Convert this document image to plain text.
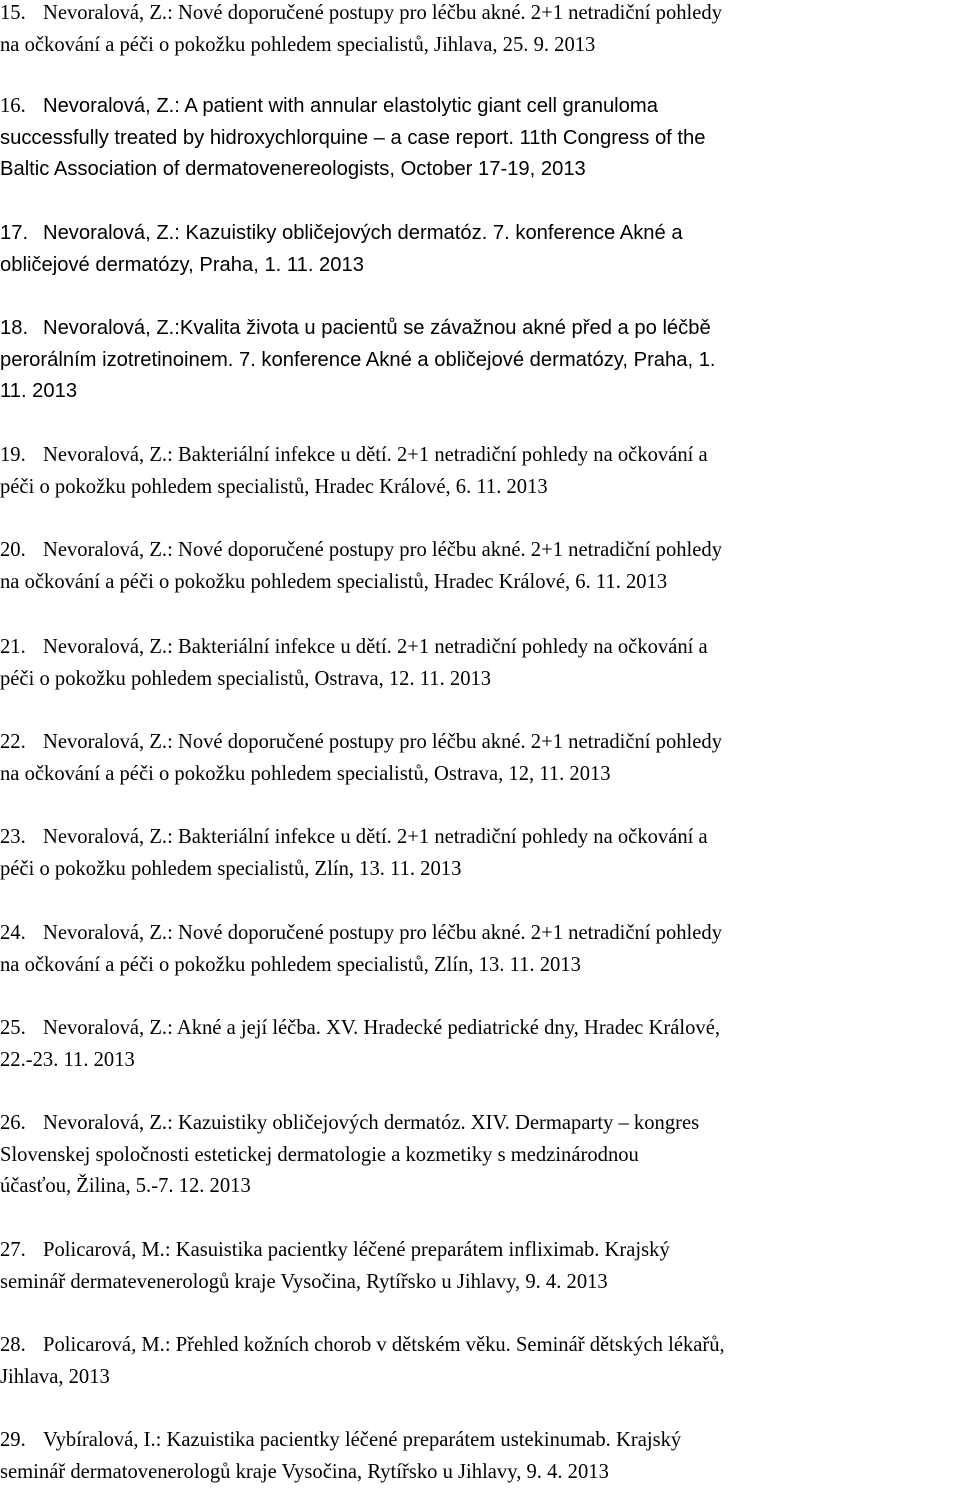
15. Nevoralová, Z.: Nové doporučené postupy pro léčbu akné. 2+1 netradiční pohledy
na očkování a péči o pokožku pohledem specialistů, Jihlava, 25. 9. 2013
16. Nevoralová, Z.: A patient with annular elastolytic giant cell granuloma
successfully treated by hidroxychlorquine – a case report. 11th Congress of the
Baltic Association of dermatovenereologists, October 17-19, 2013
17. Nevoralová, Z.: Kazuistiky obličejových dermatóz. 7. konference Akné a
obličejové dermatózy, Praha, 1. 11. 2013
18. Nevoralová, Z.:Kvalita života u pacientů se závažnou akné před a po léčbě
perorálním izotretinoinem. 7. konference Akné a obličejové dermatózy, Praha, 1.
11. 2013
19. Nevoralová, Z.: Bakteriální infekce u dětí. 2+1 netradiční pohledy na očkování a
péči o pokožku pohledem specialistů, Hradec Králové, 6. 11. 2013
20. Nevoralová, Z.: Nové doporučené postupy pro léčbu akné. 2+1 netradiční pohledy
na očkování a péči o pokožku pohledem specialistů, Hradec Králové, 6. 11. 2013
21. Nevoralová, Z.: Bakteriální infekce u dětí. 2+1 netradiční pohledy na očkování a
péči o pokožku pohledem specialistů, Ostrava, 12. 11. 2013
22. Nevoralová, Z.: Nové doporučené postupy pro léčbu akné. 2+1 netradiční pohledy
na očkování a péči o pokožku pohledem specialistů, Ostrava, 12, 11. 2013
23. Nevoralová, Z.: Bakteriální infekce u dětí. 2+1 netradiční pohledy na očkování a
péči o pokožku pohledem specialistů, Zlín, 13. 11. 2013
24. Nevoralová, Z.: Nové doporučené postupy pro léčbu akné. 2+1 netradiční pohledy
na očkování a péči o pokožku pohledem specialistů, Zlín, 13. 11. 2013
25. Nevoralová, Z.: Akné a její léčba. XV. Hradecké pediatrické dny, Hradec Králové,
22.-23. 11. 2013
26. Nevoralová, Z.: Kazuistiky obličejových dermatóz. XIV. Dermaparty – kongres
Slovenskej spoločnosti estetickej dermatologie a kozmetiky s medzinárodnou
účasťou, Žilina, 5.-7. 12. 2013
27. Policarová, M.: Kasuistika pacientky léčené preparátem infliximab. Krajský
seminář dermatevenerologů kraje Vysočina, Rytířsko u Jihlavy, 9. 4. 2013
28. Policarová, M.: Přehled kožních chorob v dětském věku. Seminář dětských lékařů,
Jihlava, 2013
29. Vybíralová, I.: Kazuistika pacientky léčené preparátem ustekinumab. Krajský
seminář dermatovenerologů kraje Vysočina, Rytířsko u Jihlavy, 9. 4. 2013
